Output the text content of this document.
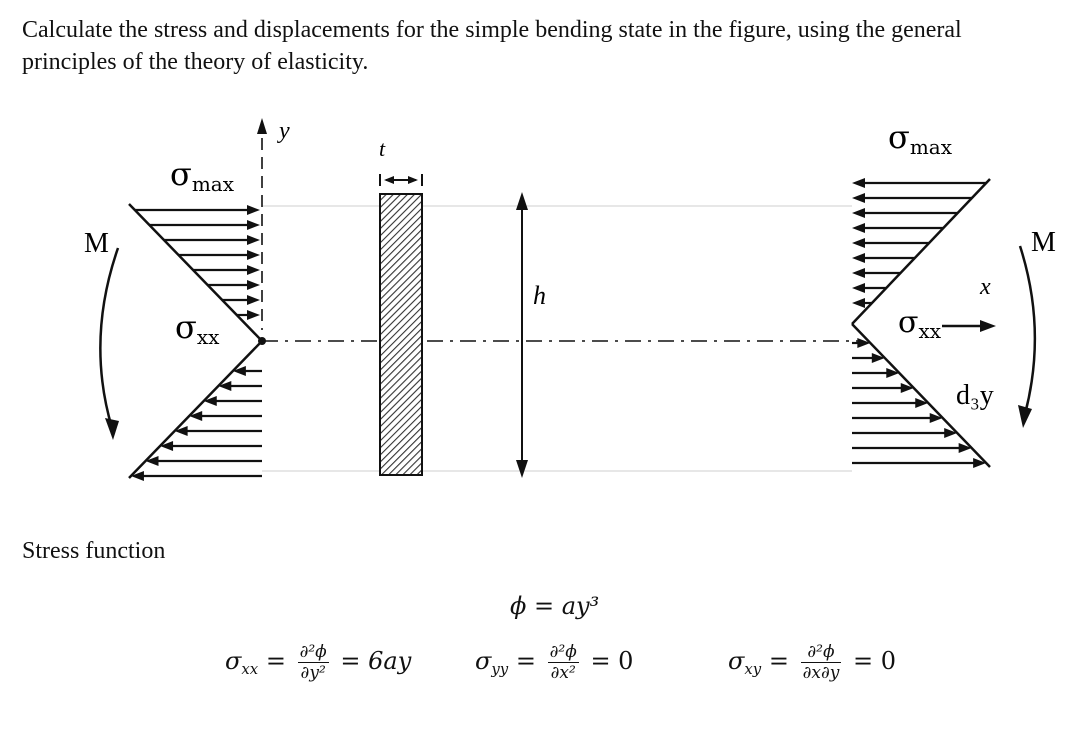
Calculate the stress and displacements for the simple bending state in the figure, using the general principles of the theory of elasticity.

y
t
h	x
σmax
σmax
σxx	$\sigma_{xx}$
M	M
d₃y
Stress function
ϕ = ay³
$\sigma_{xx} = \frac{\text{∂²ϕ}}{\text{∂y²}} = 6ay$	$\sigma_{yy} = \frac{\text{∂²ϕ}}{\text{∂x²}} = 0$	$\sigma_{xy} = \frac{\text{∂²ϕ}}{\partial x\partial y} = 0$
